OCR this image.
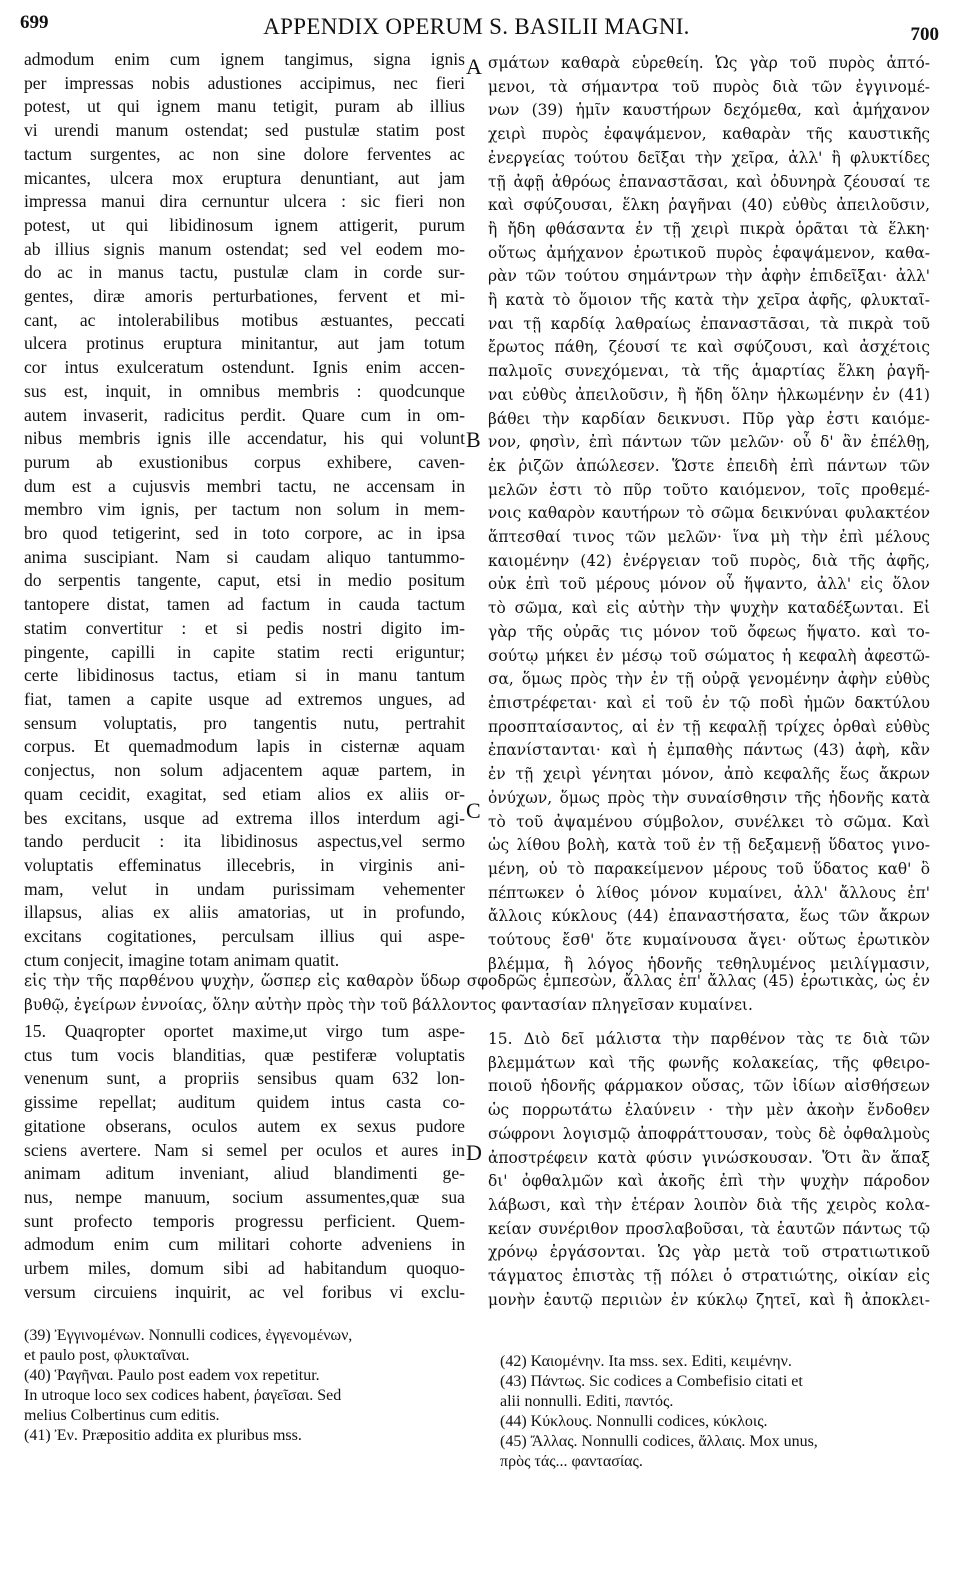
699	APPENDIX OPERUM S. BASILII MAGNI.	700
admodum enim cum ignem tangimus, signa ignis
per impressas nobis adustiones accipimus, nec fieri
potest, ut qui ignem manu tetigit, puram ab illius
vi urendi manum ostendat; sed pustulæ statim post
tactum surgentes, ac non sine dolore ferventes ac
micantes, ulcera mox eruptura denuntiant, aut jam
impressa manui dira cernuntur ulcera : sic fieri non
potest, ut qui libidinosum ignem attigerit, purum
ab illius signis manum ostendat; sed vel eodem mo-
do ac in manus tactu, pustulæ clam in corde sur-
gentes, diræ amoris perturbationes, fervent et mi-
cant, ac intolerabilibus motibus æstuantes, peccati
ulcera protinus eruptura minitantur, aut jam totum
cor intus exulceratum ostendunt. Ignis enim accen-
sus est, inquit, in omnibus membris : quodcunque
autem invaserit, radicitus perdit. Quare cum in om-
nibus membris ignis ille accendatur, his qui volunt
purum ab exustionibus corpus exhibere, caven-
dum est a cujusvis membri tactu, ne accensam in
membro vim ignis, per tactum non solum in mem-
bro quod tetigerint, sed in toto corpore, ac in ipsa
anima suscipiant. Nam si caudam aliquo tantummo-
do serpentis tangente, caput, etsi in medio positum
tantopere distat, tamen ad factum in cauda tactum
statim convertitur : et si pedis nostri digito im-
pingente, capilli in capite statim recti eriguntur;
certe libidinosus tactus, etiam si in manu tantum
fiat, tamen a capite usque ad extremos ungues, ad
sensum voluptatis, pro tangentis nutu, pertrahit
corpus. Et quemadmodum lapis in cisternæ aquam
conjectus, non solum adjacentem aquæ partem, in
quam cecidit, exagitat, sed etiam alios ex aliis or-
bes excitans, usque ad extrema illos interdum agi-
tando perducit : ita libidinosus aspectus,vel sermo
voluptatis effeminatus illecebris, in virginis ani-
mam, velut in undam purissimam vehementer
illapsus, alias ex aliis amatorias, ut in profundo,
excitans cogitationes, perculsam illius qui aspe-
ctum conjecit, imagine totam animam quatit.
σμάτων καθαρὰ εὑρεθείη. Ὡς γὰρ τοῦ πυρὸς ἁπτό-
μενοι, τὰ σήμαντρα τοῦ πυρὸς διὰ τῶν ἐγγινομέ-
νων (39) ἡμῖν καυστήρων δεχόμεθα, καὶ ἀμήχανον
χειρὶ πυρὸς ἐφαψάμενον, καθαρὰν τῆς καυστικῆς
ἐνεργείας τούτου δεῖξαι τὴν χεῖρα, ἀλλ' ἢ φλυκτίδες
τῇ ἀφῇ ἀθρόως ἐπαναστᾶσαι, καὶ ὀδυνηρὰ ζέουσαί τε
καὶ σφύζουσαι, ἕλκη ῥαγῆναι (40) εὐθὺς ἀπειλοῦσιν,
ἢ ἤδη φθάσαντα ἐν τῇ χειρὶ πικρὰ ὁρᾶται τὰ ἕλκη·
οὕτως ἀμήχανον ἐρωτικοῦ πυρὸς ἐφαψάμενον, καθα-
ρὰν τῶν τούτου σημάντρων τὴν ἀφὴν ἐπιδεῖξαι· ἀλλ'
ἢ κατὰ τὸ ὅμοιον τῆς κατὰ τὴν χεῖρα ἀφῆς, φλυκταῖ-
ναι τῇ καρδίᾳ λαθραίως ἐπαναστᾶσαι, τὰ πικρὰ τοῦ
ἔρωτος πάθη, ζέουσί τε καὶ σφύζουσι, καὶ ἀσχέτοις
παλμοῖς συνεχόμεναι, τὰ τῆς ἁμαρτίας ἕλκη ῥαγῆ-
ναι εὐθὺς ἀπειλοῦσιν, ἢ ἤδη ὅλην ἡλκωμένην ἐν (41)
βάθει τὴν καρδίαν δεικνυσι. Πῦρ γὰρ ἐστι καιόμε-
νον, φησὶν, ἐπὶ πάντων τῶν μελῶν· οὗ δ' ἂν ἐπέλθῃ,
ἐκ ῥιζῶν ἀπώλεσεν. Ὥστε ἐπειδὴ ἐπὶ πάντων τῶν
μελῶν ἐστι τὸ πῦρ τοῦτο καιόμενον, τοῖς προθεμέ-
νοις καθαρὸν καυτήρων τὸ σῶμα δεικνύναι φυλακτέον
ἅπτεσθαί τινος τῶν μελῶν· ἵνα μὴ τὴν ἐπὶ μέλους
καιομένην (42) ἐνέργειαν τοῦ πυρὸς, διὰ τῆς ἀφῆς,
οὐκ ἐπὶ τοῦ μέρους μόνον οὗ ἥψαντο, ἀλλ' εἰς ὅλον
τὸ σῶμα, καὶ εἰς αὐτὴν τὴν ψυχὴν καταδέξωνται. Εἰ
γὰρ τῆς οὐρᾶς τις μόνον τοῦ ὄφεως ἥψατο. καὶ το-
σούτῳ μήκει ἐν μέσῳ τοῦ σώματος ἡ κεφαλὴ ἀφεστῶ-
σα, ὅμως πρὸς τὴν ἐν τῇ οὐρᾷ γενομένην ἀφὴν εὐθὺς
ἐπιστρέφεται· καὶ εἰ τοῦ ἐν τῷ ποδὶ ἡμῶν δακτύλου
προσπταίσαντος, αἱ ἐν τῇ κεφαλῇ τρίχες ὀρθαὶ εὐθὺς
ἐπανίστανται· καὶ ἡ ἐμπαθὴς πάντως (43) ἀφὴ, κἂν
ἐν τῇ χειρὶ γένηται μόνον, ἀπὸ κεφαλῆς ἕως ἄκρων
ὀνύχων, ὅμως πρὸς τὴν συναίσθησιν τῆς ἡδονῆς κατὰ
τὸ τοῦ ἀψαμένου σύμβολον, συνέλκει τὸ σῶμα. Καὶ
ὡς λίθου βολὴ, κατὰ τοῦ ἐν τῇ δεξαμενῇ ὕδατος γινο-
μένη, οὐ τὸ παρακείμενον μέρους τοῦ ὕδατος καθ' ὃ
πέπτωκεν ὁ λίθος μόνον κυμαίνει, ἀλλ' ἄλλους ἐπ'
ἄλλοις κύκλους (44) ἐπαναστήσατα, ἕως τῶν ἄκρων
τούτους ἔσθ' ὅτε κυμαίνουσα ἄγει· οὕτως ἐρωτικὸν
βλέμμα, ἢ λόγος ἡδονῆς τεθηλυμένος μειλίγμασιν,
A
B
C
D
εἰς τὴν τῆς παρθένου ψυχὴν, ὥσπερ εἰς καθαρὸν ὕδωρ σφοδρῶς ἐμπεσὼν, ἄλλας ἐπ' ἄλλας (45) ἐρωτικὰς, ὡς ἐν
βυθῷ, ἐγείρων ἐννοίας, ὅλην αὐτὴν πρὸς τὴν τοῦ βάλλοντος φαντασίαν πληγεῖσαν κυμαίνει.
15. Quaqropter oportet maxime,ut virgo tum aspe-
ctus tum vocis blanditias, quæ pestiferæ voluptatis
venenum sunt, a propriis sensibus quam 632 lon-
gissime repellat; auditum quidem intus casta co-
gitatione obserans, oculos autem ex sexus pudore
sciens avertere. Nam si semel per oculos et aures in
animam aditum inveniant, aliud blandimenti ge-
nus, nempe manuum, socium assumentes,quæ sua
sunt profecto temporis progressu perficient. Quem-
admodum enim cum militari cohorte adveniens in
urbem miles, domum sibi ad habitandum quoquo-
versum circuiens inquirit, ac vel foribus vi exclu-
15. Διὸ δεῖ μάλιστα τὴν παρθένον τὰς τε διὰ τῶν
βλεμμάτων καὶ τῆς φωνῆς κολακείας, τῆς φθειρο-
ποιοῦ ἡδονῆς φάρμακον οὔσας, τῶν ἰδίων αἰσθήσεων
ὡς πορρωτάτω ἐλαύνειν · τὴν μὲν ἀκοὴν ἔνδοθεν
σώφρονι λογισμῷ ἀποφράττουσαν, τοὺς δὲ ὀφθαλμοὺς
ἀποστρέφειν κατὰ φύσιν γινώσκουσαν. Ὅτι ἂν ἅπαξ
δι' ὀφθαλμῶν καὶ ἀκοῆς ἐπὶ τὴν ψυχὴν πάροδον
λάβωσι, καὶ τὴν ἑτέραν λοιπὸν διὰ τῆς χειρὸς κολα-
κείαν συνέριθον προσλαβοῦσαι, τὰ ἑαυτῶν πάντως τῷ
χρόνῳ ἐργάσονται. Ὡς γὰρ μετὰ τοῦ στρατιωτικοῦ
τάγματος ἐπιστὰς τῇ πόλει ὁ στρατιώτης, οἰκίαν εἰς
μονὴν ἑαυτῷ περιιὼν ἐν κύκλῳ ζητεῖ, καὶ ἢ ἀποκλει-
(39) Ἐγγινομένων. Nonnulli codices, ἐγγενομένων,
et paulo post, φλυκταῖναι.
(40) Ῥαγῆναι. Paulo post eadem vox repetitur.
In utroque loco sex codices habent, ῥαγεῖσαι. Sed
melius Colbertinus cum editis.
(41) Ἐν. Præpositio addita ex pluribus mss.
(42) Καιομένην. Ita mss. sex. Editi, κειμένην.
(43) Πάντως. Sic codices a Combefisio citati et
alii nonnulli. Editi, παντός.
(44) Κύκλους. Nonnulli codices, κύκλοις.
(45) Ἄλλας. Nonnulli codices, ἄλλαις. Mox unus,
πρὸς τάς... φαντασίας.
